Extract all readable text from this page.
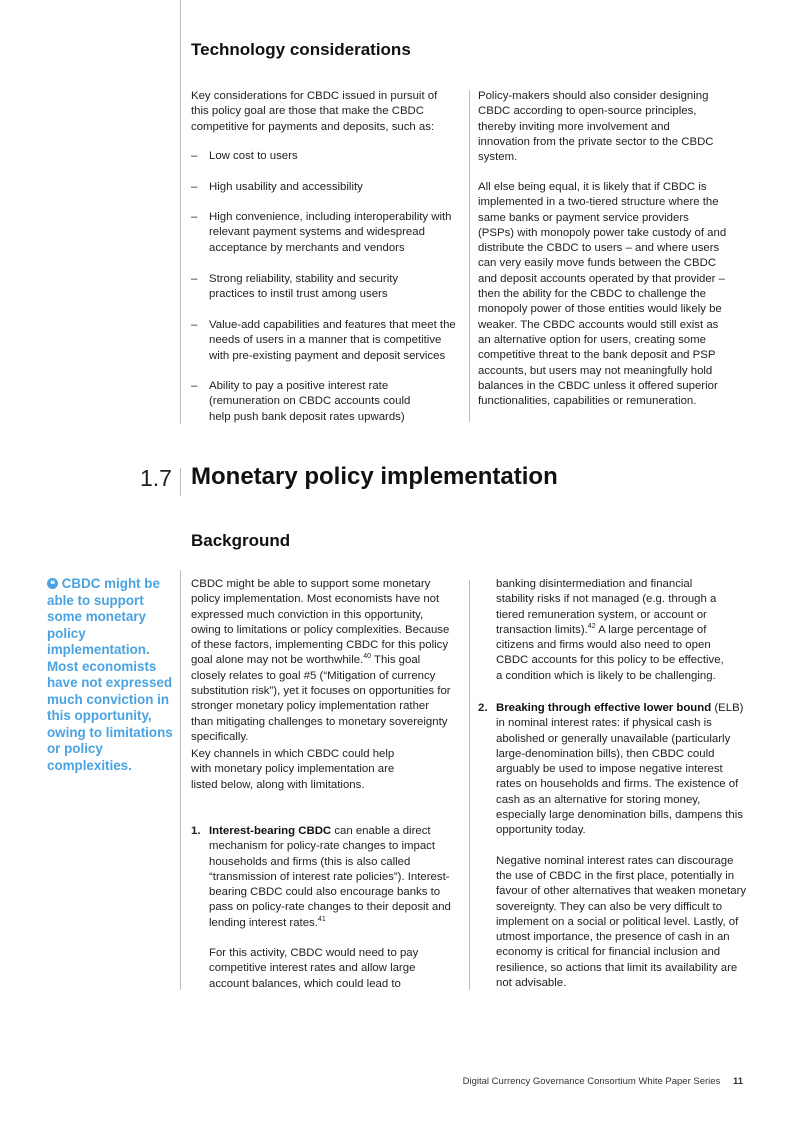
Technology considerations

Key considerations for CBDC issued in pursuit of this policy goal are those that make the CBDC competitive for payments and deposits, such as:

– Low cost to users
– High usability and accessibility
– High convenience, including interoperability with relevant payment systems and widespread acceptance by merchants and vendors
– Strong reliability, stability and security practices to instil trust among users
– Value-add capabilities and features that meet the needs of users in a manner that is competitive with pre-existing payment and deposit services
– Ability to pay a positive interest rate (remuneration on CBDC accounts could help push bank deposit rates upwards)

Policy-makers should also consider designing CBDC according to open-source principles, thereby inviting more involvement and innovation from the private sector to the CBDC system.

All else being equal, it is likely that if CBDC is implemented in a two-tiered structure where the same banks or payment service providers (PSPs) with monopoly power take custody of and distribute the CBDC to users – and where users can very easily move funds between the CBDC and deposit accounts operated by that provider – then the ability for the CBDC to challenge the monopoly power of those entities would likely be weaker. The CBDC accounts would still exist as an alternative option for users, creating some competitive threat to the bank deposit and PSP accounts, but users may not meaningfully hold balances in the CBDC unless it offered superior functionalities, capabilities or remuneration.

1.7 Monetary policy implementation
Background
❝ CBDC might be able to support some monetary policy implementation. Most economists have not expressed much conviction in this opportunity, owing to limitations or policy complexities.

CBDC might be able to support some monetary policy implementation. Most economists have not expressed much conviction in this opportunity, owing to limitations or policy complexities. Because of these factors, implementing CBDC for this policy goal alone may not be worthwhile.$^{40}$ This goal closely relates to goal #5 (“Mitigation of currency substitution risk”), yet it focuses on opportunities for stronger monetary policy implementation rather than mitigating challenges to monetary sovereignty specifically.

Key channels in which CBDC could help with monetary policy implementation are listed below, along with limitations.

1. Interest-bearing CBDC can enable a direct mechanism for policy-rate changes to impact households and firms (this is also called “transmission of interest rate policies”). Interest-bearing CBDC could also encourage banks to pass on policy-rate changes to their deposit and lending interest rates.$^{41}$

For this activity, CBDC would need to pay competitive interest rates and allow large account balances, which could lead to

banking disintermediation and financial stability risks if not managed (e.g. through a tiered remuneration system, or account or transaction limits).$^{42}$ A large percentage of citizens and firms would also need to open CBDC accounts for this policy to be effective, a condition which is likely to be challenging.

2. Breaking through effective lower bound (ELB) in nominal interest rates: if physical cash is abolished or generally unavailable (particularly large-denomination bills), then CBDC could arguably be used to impose negative interest rates on households and firms. The existence of cash as an alternative for storing money, especially large denomination bills, dampens this opportunity today.

Negative nominal interest rates can discourage the use of CBDC in the first place, potentially in favour of other alternatives that weaken monetary sovereignty. They can also be very difficult to implement on a social or political level. Lastly, of utmost importance, the presence of cash in an economy is critical for financial inclusion and resilience, so actions that limit its availability are not advisable.

Digital Currency Governance Consortium White Paper Series 11
